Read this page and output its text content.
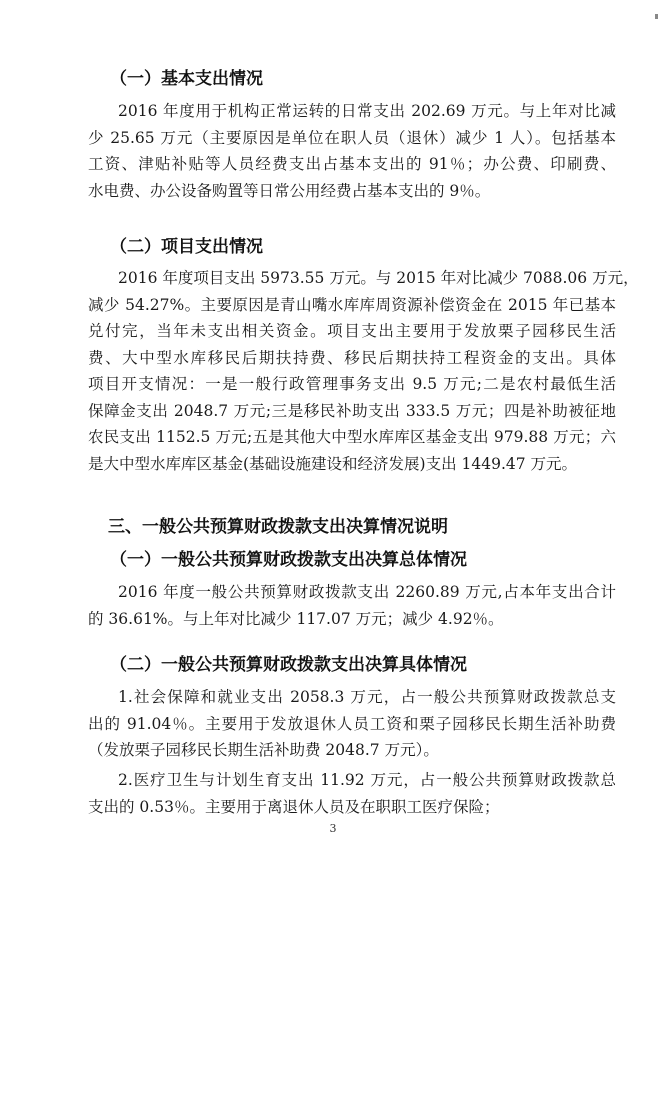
（一）基本支出情况

2016 年度用于机构正常运转的日常支出 202.69 万元。与上年对比减
少 25.65 万元（主要原因是单位在职人员（退休）减少 1 人）。包括基本
工资、津贴补贴等人员经费支出占基本支出的 91％；办公费、印刷费、
水电费、办公设备购置等日常公用经费占基本支出的 9％。

（二）项目支出情况

2016 年度项目支出 5973.55 万元。与 2015 年对比减少 7088.06 万元，
减少 54.27%。主要原因是青山嘴水库库周资源补偿资金在 2015 年已基本
兑付完，当年未支出相关资金。项目支出主要用于发放栗子园移民生活
费、大中型水库移民后期扶持费、移民后期扶持工程资金的支出。具体
项目开支情况：一是一般行政管理事务支出 9.5 万元;二是农村最低生活
保障金支出 2048.7 万元;三是移民补助支出 333.5 万元；四是补助被征地
农民支出 1152.5 万元;五是其他大中型水库库区基金支出 979.88 万元；六
是大中型水库库区基金(基础设施建设和经济发展)支出 1449.47 万元。

三、一般公共预算财政拨款支出决算情况说明
（一）一般公共预算财政拨款支出决算总体情况

2016 年度一般公共预算财政拨款支出 2260.89 万元,占本年支出合计
的 36.61%。与上年对比减少 117.07 万元；减少 4.92％。

（二）一般公共预算财政拨款支出决算具体情况

1.社会保障和就业支出 2058.3 万元，占一般公共预算财政拨款总支
出的 91.04％。主要用于发放退休人员工资和栗子园移民长期生活补助费
（发放栗子园移民长期生活补助费 2048.7 万元）。

2.医疗卫生与计划生育支出 11.92 万元，占一般公共预算财政拨款总
支出的 0.53％。主要用于离退休人员及在职职工医疗保险；

3
